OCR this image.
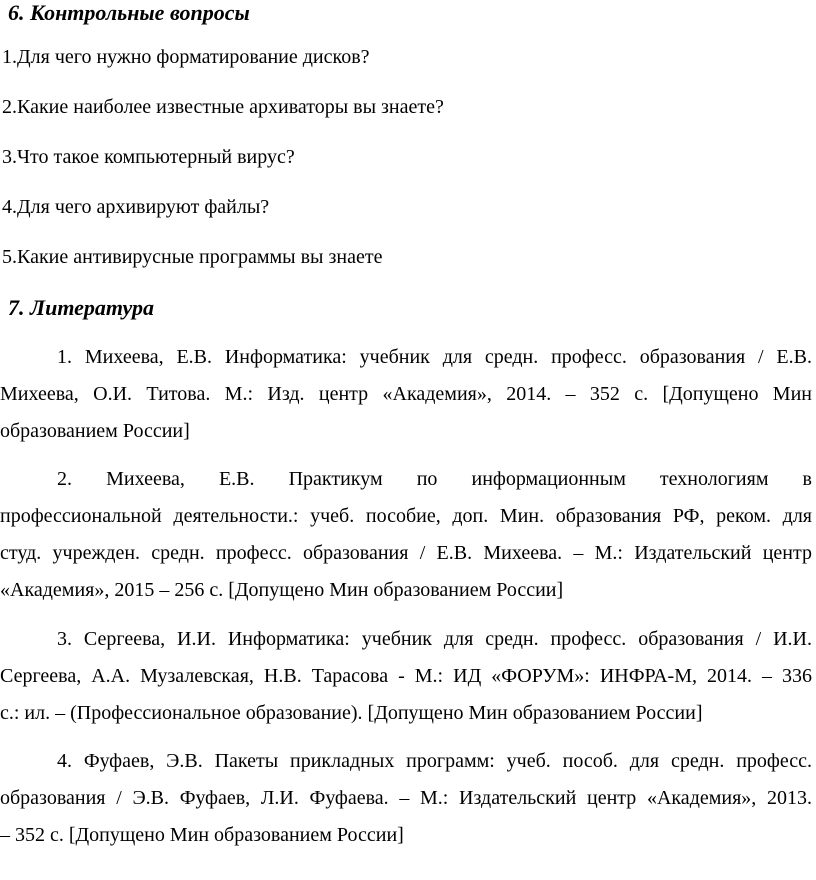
6. Контрольные вопросы

1.Для чего нужно форматирование дисков?

2.Какие наиболее известные архиваторы вы знаете?

3.Что такое компьютерный вирус?

4.Для чего архивируют файлы?

5.Какие антивирусные программы вы знаете

7. Литература
1. Михеева, Е.В. Информатика: учебник для средн. професс. образования / Е.В.
Михеева, О.И. Титова. М.: Изд. центр «Академия», 2014. – 352 с. [Допущено Мин
образованием России]
2. Михеева, Е.В. Практикум по информационным технологиям в
профессиональной деятельности.: учеб. пособие, доп. Мин. образования РФ, реком. для
студ. учрежден. средн. професс. образования / Е.В. Михеева. – М.: Издательский центр
«Академия», 2015 – 256 с. [Допущено Мин образованием России]
3. Сергеева, И.И. Информатика: учебник для средн. професс. образования / И.И.
Сергеева, А.А. Музалевская, Н.В. Тарасова - М.: ИД «ФОРУМ»: ИНФРА-М, 2014. – 336
с.: ил. – (Профессиональное образование). [Допущено Мин образованием России]
4. Фуфаев, Э.В. Пакеты прикладных программ: учеб. пособ. для средн. професс.
образования / Э.В. Фуфаев, Л.И. Фуфаева. – М.: Издательский центр «Академия», 2013.
– 352 с. [Допущено Мин образованием России]
